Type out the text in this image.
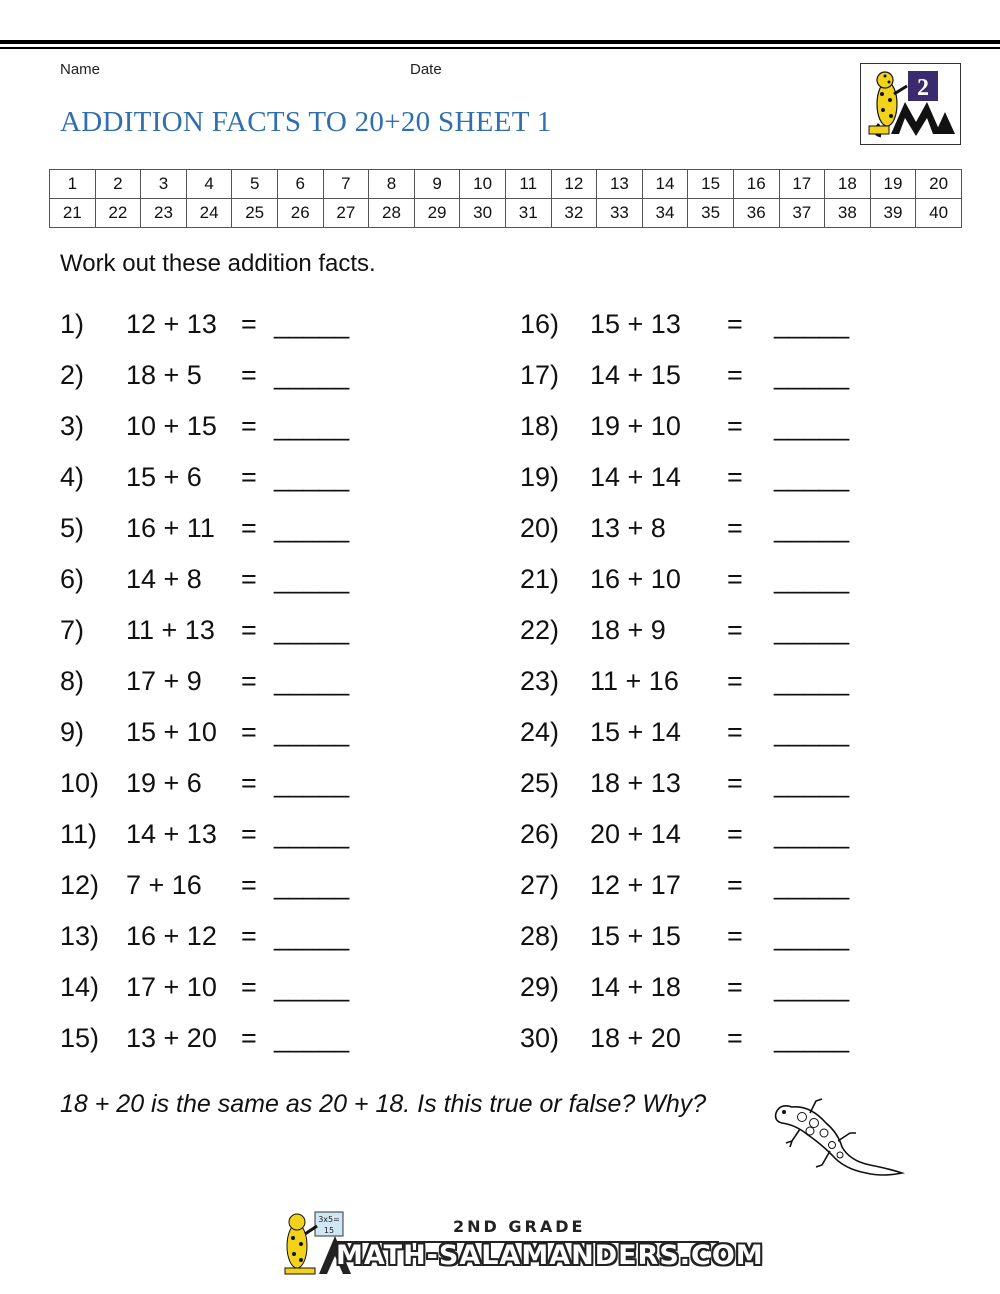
Name	Date
ADDITION FACTS TO 20+20 SHEET 1
2
1	2	3	4	5	6	7	8	9	10	11	12	13	14	15	16	17	18	19	20
21	22	23	24	25	26	27	28	29	30	31	32	33	34	35	36	37	38	39	40
Work out these addition facts.
1) 12 + 13 = _____
2) 18 + 5 = _____
3) 10 + 15 = _____
4) 15 + 6 = _____
5) 16 + 11 = _____
6) 14 + 8 = _____
7) 11 + 13 = _____
8) 17 + 9 = _____
9) 15 + 10 = _____
10) 19 + 6 = _____
11) 14 + 13 = _____
12) 7 + 16 = _____
13) 16 + 12 = _____
14) 17 + 10 = _____
15) 13 + 20 = _____
16) 15 + 13 = _____
17) 14 + 15 = _____
18) 19 + 10 = _____
19) 14 + 14 = _____
20) 13 + 8 = _____
21) 16 + 10 = _____
22) 18 + 9 = _____
23) 11 + 16 = _____
24) 15 + 14 = _____
25) 18 + 13 = _____
26) 20 + 14 = _____
27) 12 + 17 = _____
28) 15 + 15 = _____
29) 14 + 18 = _____
30) 18 + 20 = _____
18 + 20 is the same as 20 + 18. Is this true or false? Why?
3x5=
15	2ND GRADE
MATH-SALAMANDERS.COM
